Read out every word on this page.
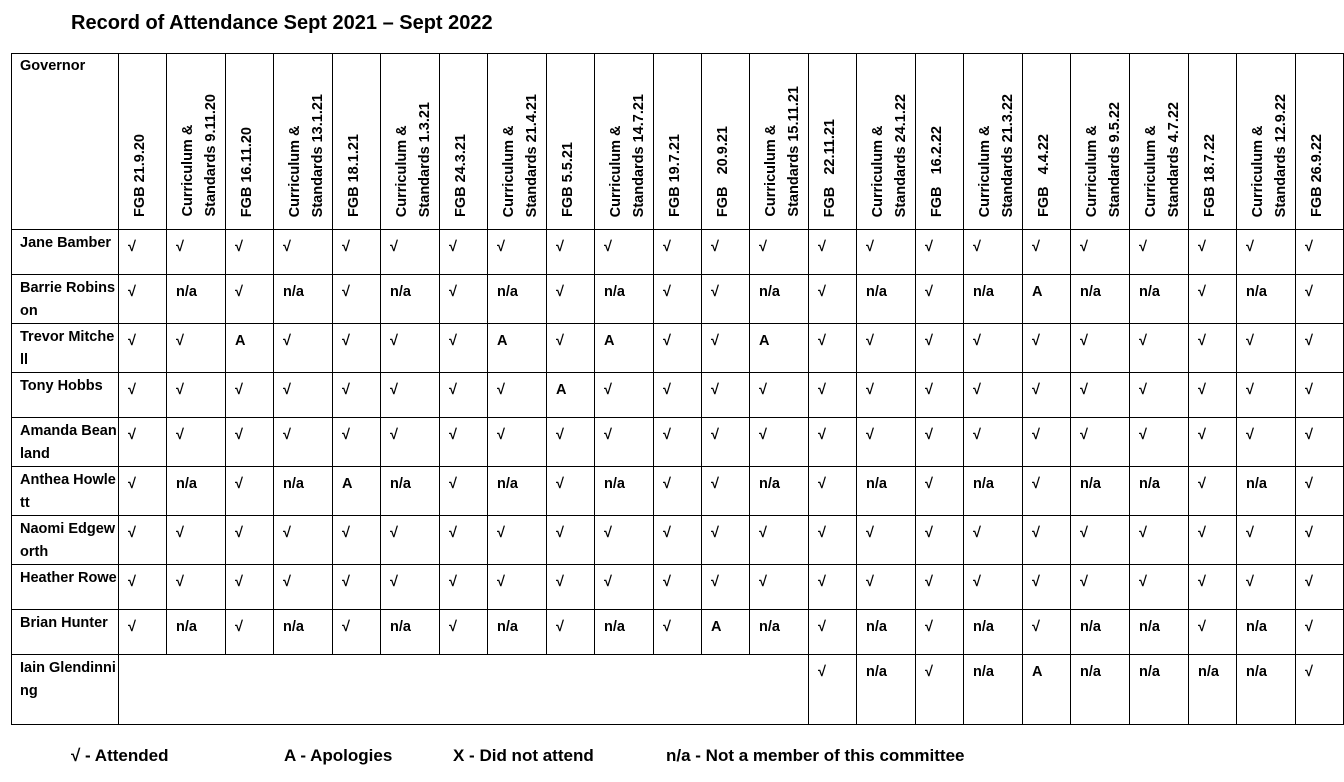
Record of Attendance Sept 2021 – Sept 2022
Governor	FGB 21.9.20	Curriculum &
Standards 9.11.20	FGB 16.11.20	Curriculum &
Standards 13.1.21	FGB 18.1.21	Curriculum &
Standards 1.3.21	FGB 24.3.21	Curriculum &
Standards 21.4.21	FGB 5.5.21	Curriculum &
Standards 14.7.21	FGB 19.7.21	FGB   20.9.21	Curriculum &
Standards 15.11.21	FGB   22.11.21	Curriculum &
Standards 24.1.22	FGB   16.2.22	Curriculum &
Standards 21.3.22	FGB   4.4.22	Curriculum &
Standards 9.5.22	Curriculum &
Standards 4.7.22	FGB 18.7.22	Curriculum &
Standards 12.9.22	FGB 26.9.22
Jane Bamber	√	√	√	√	√	√	√	√	√	√	√	√	√	√	√	√	√	√	√	√	√	√	√
Barrie Robinson	√	n/a	√	n/a	√	n/a	√	n/a	√	n/a	√	√	n/a	√	n/a	√	n/a	A	n/a	n/a	√	n/a	√
Trevor Mitchell	√	√	A	√	√	√	√	A	√	A	√	√	A	√	√	√	√	√	√	√	√	√	√
Tony Hobbs	√	√	√	√	√	√	√	√	A	√	√	√	√	√	√	√	√	√	√	√	√	√	√
Amanda Beanland	√	√	√	√	√	√	√	√	√	√	√	√	√	√	√	√	√	√	√	√	√	√	√
Anthea Howlett	√	n/a	√	n/a	A	n/a	√	n/a	√	n/a	√	√	n/a	√	n/a	√	n/a	√	n/a	n/a	√	n/a	√
Naomi Edgeworth	√	√	√	√	√	√	√	√	√	√	√	√	√	√	√	√	√	√	√	√	√	√	√
Heather Rowe	√	√	√	√	√	√	√	√	√	√	√	√	√	√	√	√	√	√	√	√	√	√	√
Brian Hunter	√	n/a	√	n/a	√	n/a	√	n/a	√	n/a	√	A	n/a	√	n/a	√	n/a	√	n/a	n/a	√	n/a	√
Iain Glendinning														√	n/a	√	n/a	A	n/a	n/a	n/a	n/a	√
√ - Attended	A - Apologies	X - Did not attend	n/a - Not a member of this committee
